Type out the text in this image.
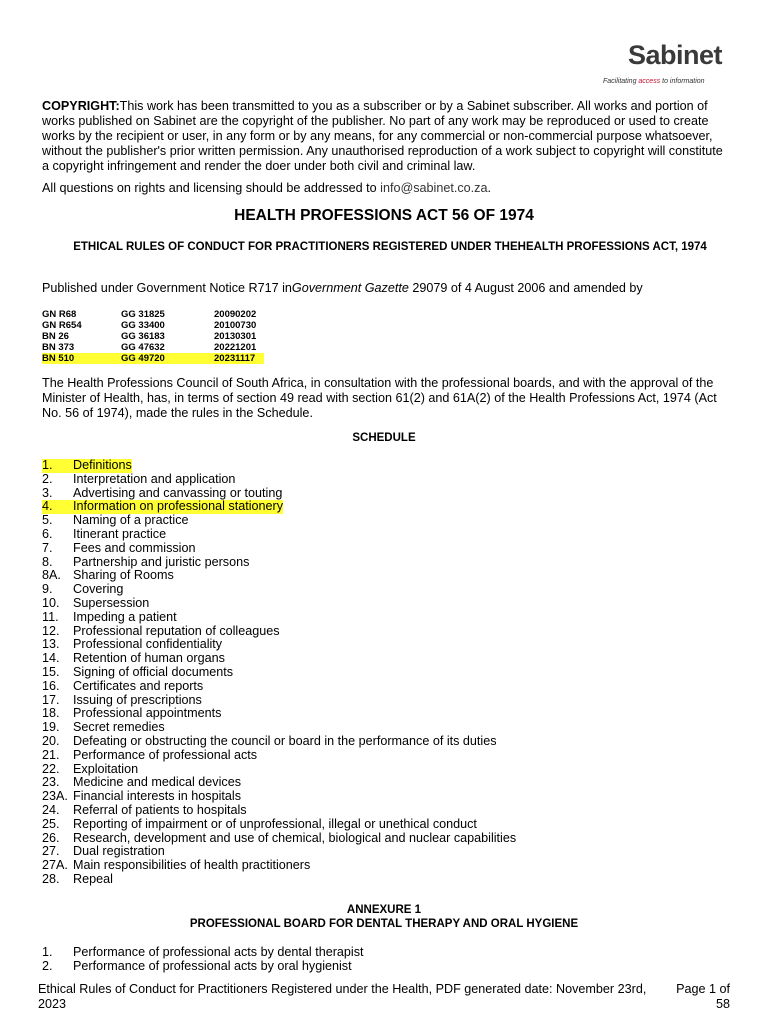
Sabinet
Facilitating access to information
COPYRIGHT:This work has been transmitted to you as a subscriber or by a Sabinet subscriber. All works and portion of works published on Sabinet are the copyright of the publisher. No part of any work may be reproduced or used to create works by the recipient or user, in any form or by any means, for any commercial or non-commercial purpose whatsoever, without the publisher's prior written permission. Any unauthorised reproduction of a work subject to copyright will constitute a copyright infringement and render the doer under both civil and criminal law.
All questions on rights and licensing should be addressed to info@sabinet.co.za.
HEALTH PROFESSIONS ACT 56 OF 1974
ETHICAL RULES OF CONDUCT FOR PRACTITIONERS REGISTERED UNDER THEHEALTH PROFESSIONS ACT, 1974
Published under Government Notice R717 inGovernment Gazette 29079 of 4 August 2006 and amended by
GN R68	GG 31825	20090202
GN R654	GG 33400	20100730
BN 26	GG 36183	20130301
BN 373	GG 47632	20221201
BN 510	GG 49720	20231117
The Health Professions Council of South Africa, in consultation with the professional boards, and with the approval of the Minister of Health, has, in terms of section 49 read with section 61(2) and 61A(2) of the Health Professions Act, 1974 (Act No. 56 of 1974), made the rules in the Schedule.
SCHEDULE
1.	Definitions
2. Interpretation and application
3. Advertising and canvassing or touting
4.	Information on professional stationery
5. Naming of a practice
6. Itinerant practice
7. Fees and commission
8. Partnership and juristic persons
8A. Sharing of Rooms
9. Covering
10. Supersession
11. Impeding a patient
12. Professional reputation of colleagues
13. Professional confidentiality
14. Retention of human organs
15. Signing of official documents
16. Certificates and reports
17. Issuing of prescriptions
18. Professional appointments
19. Secret remedies
20. Defeating or obstructing the council or board in the performance of its duties
21. Performance of professional acts
22. Exploitation
23. Medicine and medical devices
23A. Financial interests in hospitals
24. Referral of patients to hospitals
25. Reporting of impairment or of unprofessional, illegal or unethical conduct
26. Research, development and use of chemical, biological and nuclear capabilities
27. Dual registration
27A. Main responsibilities of health practitioners
28. Repeal
ANNEXURE 1
PROFESSIONAL BOARD FOR DENTAL THERAPY AND ORAL HYGIENE
1. Performance of professional acts by dental therapist
2. Performance of professional acts by oral hygienist
Ethical Rules of Conduct for Practitioners Registered under the Health, PDF generated date: November 23rd, 2023
Page 1 of 58
